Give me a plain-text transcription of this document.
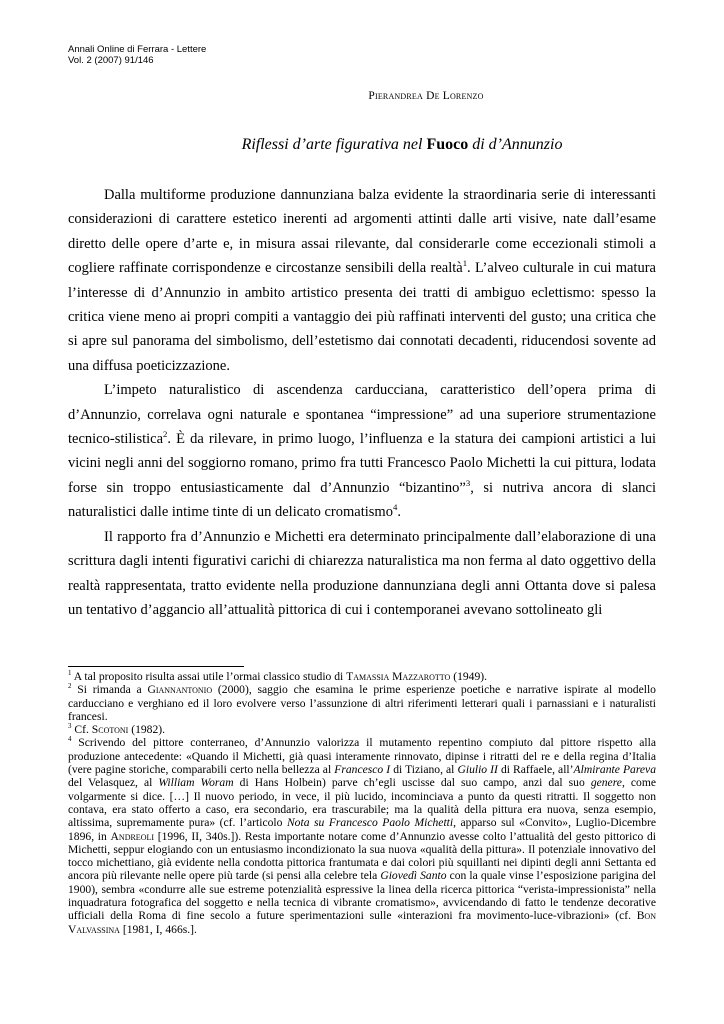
Annali Online di Ferrara - Lettere
Vol. 2 (2007) 91/146
Pierandrea De Lorenzo
Riflessi d’arte figurativa nel Fuoco di d’Annunzio

Dalla multiforme produzione dannunziana balza evidente la straordinaria serie di interessanti considerazioni di carattere estetico inerenti ad argomenti attinti dalle arti visive, nate dall’esame diretto delle opere d’arte e, in misura assai rilevante, dal considerarle come eccezionali stimoli a cogliere raffinate corrispondenze e circostanze sensibili della realtà$^1$. L’alveo culturale in cui matura l’interesse di d’Annunzio in ambito artistico presenta dei tratti di ambiguo eclettismo: spesso la critica viene meno ai propri compiti a vantaggio dei più raffinati interventi del gusto; una critica che si apre sul panorama del simbolismo, dell’estetismo dai connotati decadenti, riducendosi sovente ad una diffusa poeticizzazione.

L’impeto naturalistico di ascendenza carducciana, caratteristico dell’opera prima di d’Annunzio, correlava ogni naturale e spontanea “impressione” ad una superiore strumentazione tecnico-stilistica$^2$. È da rilevare, in primo luogo, l’influenza e la statura dei campioni artistici a lui vicini negli anni del soggiorno romano, primo fra tutti Francesco Paolo Michetti la cui pittura, lodata forse sin troppo entusiasticamente dal d’Annunzio “bizantino”$^3$, si nutriva ancora di slanci naturalistici dalle intime tinte di un delicato cromatismo$^4$.

Il rapporto fra d’Annunzio e Michetti era determinato principalmente dall’elaborazione di una scrittura dagli intenti figurativi carichi di chiarezza naturalistica ma non ferma al dato oggettivo della realtà rappresentata, tratto evidente nella produzione dannunziana degli anni Ottanta dove si palesa un tentativo d’aggancio all’attualità pittorica di cui i contemporanei avevano sottolineato gli

$^1$ A tal proposito risulta assai utile l’ormai classico studio di Tamassia Mazzarotto (1949).

$^2$ Si rimanda a Giannantonio (2000), saggio che esamina le prime esperienze poetiche e narrative ispirate al modello carducciano e verghiano ed il loro evolvere verso l’assunzione di altri riferimenti letterari quali i parnassiani e i naturalisti francesi.

$^3$ Cf. Scotoni (1982).

$^4$ Scrivendo del pittore conterraneo, d’Annunzio valorizza il mutamento repentino compiuto dal pittore rispetto alla produzione antecedente: «Quando il Michetti, già quasi interamente rinnovato, dipinse i ritratti del re e della regina d’Italia (vere pagine storiche, comparabili certo nella bellezza al Francesco I di Tiziano, al Giulio II di Raffaele, all’Almirante Pareva del Velasquez, al William Woram di Hans Holbein) parve ch’egli uscisse dal suo campo, anzi dal suo genere, come volgarmente si dice. […] Il nuovo periodo, in vece, il più lucido, incominciava a punto da questi ritratti. Il soggetto non contava, era stato offerto a caso, era secondario, era trascurabile; ma la qualità della pittura era nuova, senza esempio, altissima, supremamente pura» (cf. l’articolo Nota su Francesco Paolo Michetti, apparso sul «Convito», Luglio-Dicembre 1896, in Andreoli [1996, II, 340s.]). Resta importante notare come d’Annunzio avesse colto l’attualità del gesto pittorico di Michetti, seppur elogiando con un entusiasmo incondizionato la sua nuova «qualità della pittura». Il potenziale innovativo del tocco michettiano, già evidente nella condotta pittorica frantumata e dai colori più squillanti nei dipinti degli anni Settanta ed ancora più rilevante nelle opere più tarde (si pensi alla celebre tela Giovedì Santo con la quale vinse l’esposizione parigina del 1900), sembra «condurre alle sue estreme potenzialità espressive la linea della ricerca pittorica “verista-impressionista” nella inquadratura fotografica del soggetto e nella tecnica di vibrante cromatismo», avvicendando di fatto le tendenze decorative ufficiali della Roma di fine secolo a future sperimentazioni sulle «interazioni fra movimento-luce-vibrazioni» (cf. Bon Valvassina [1981, I, 466s.].
